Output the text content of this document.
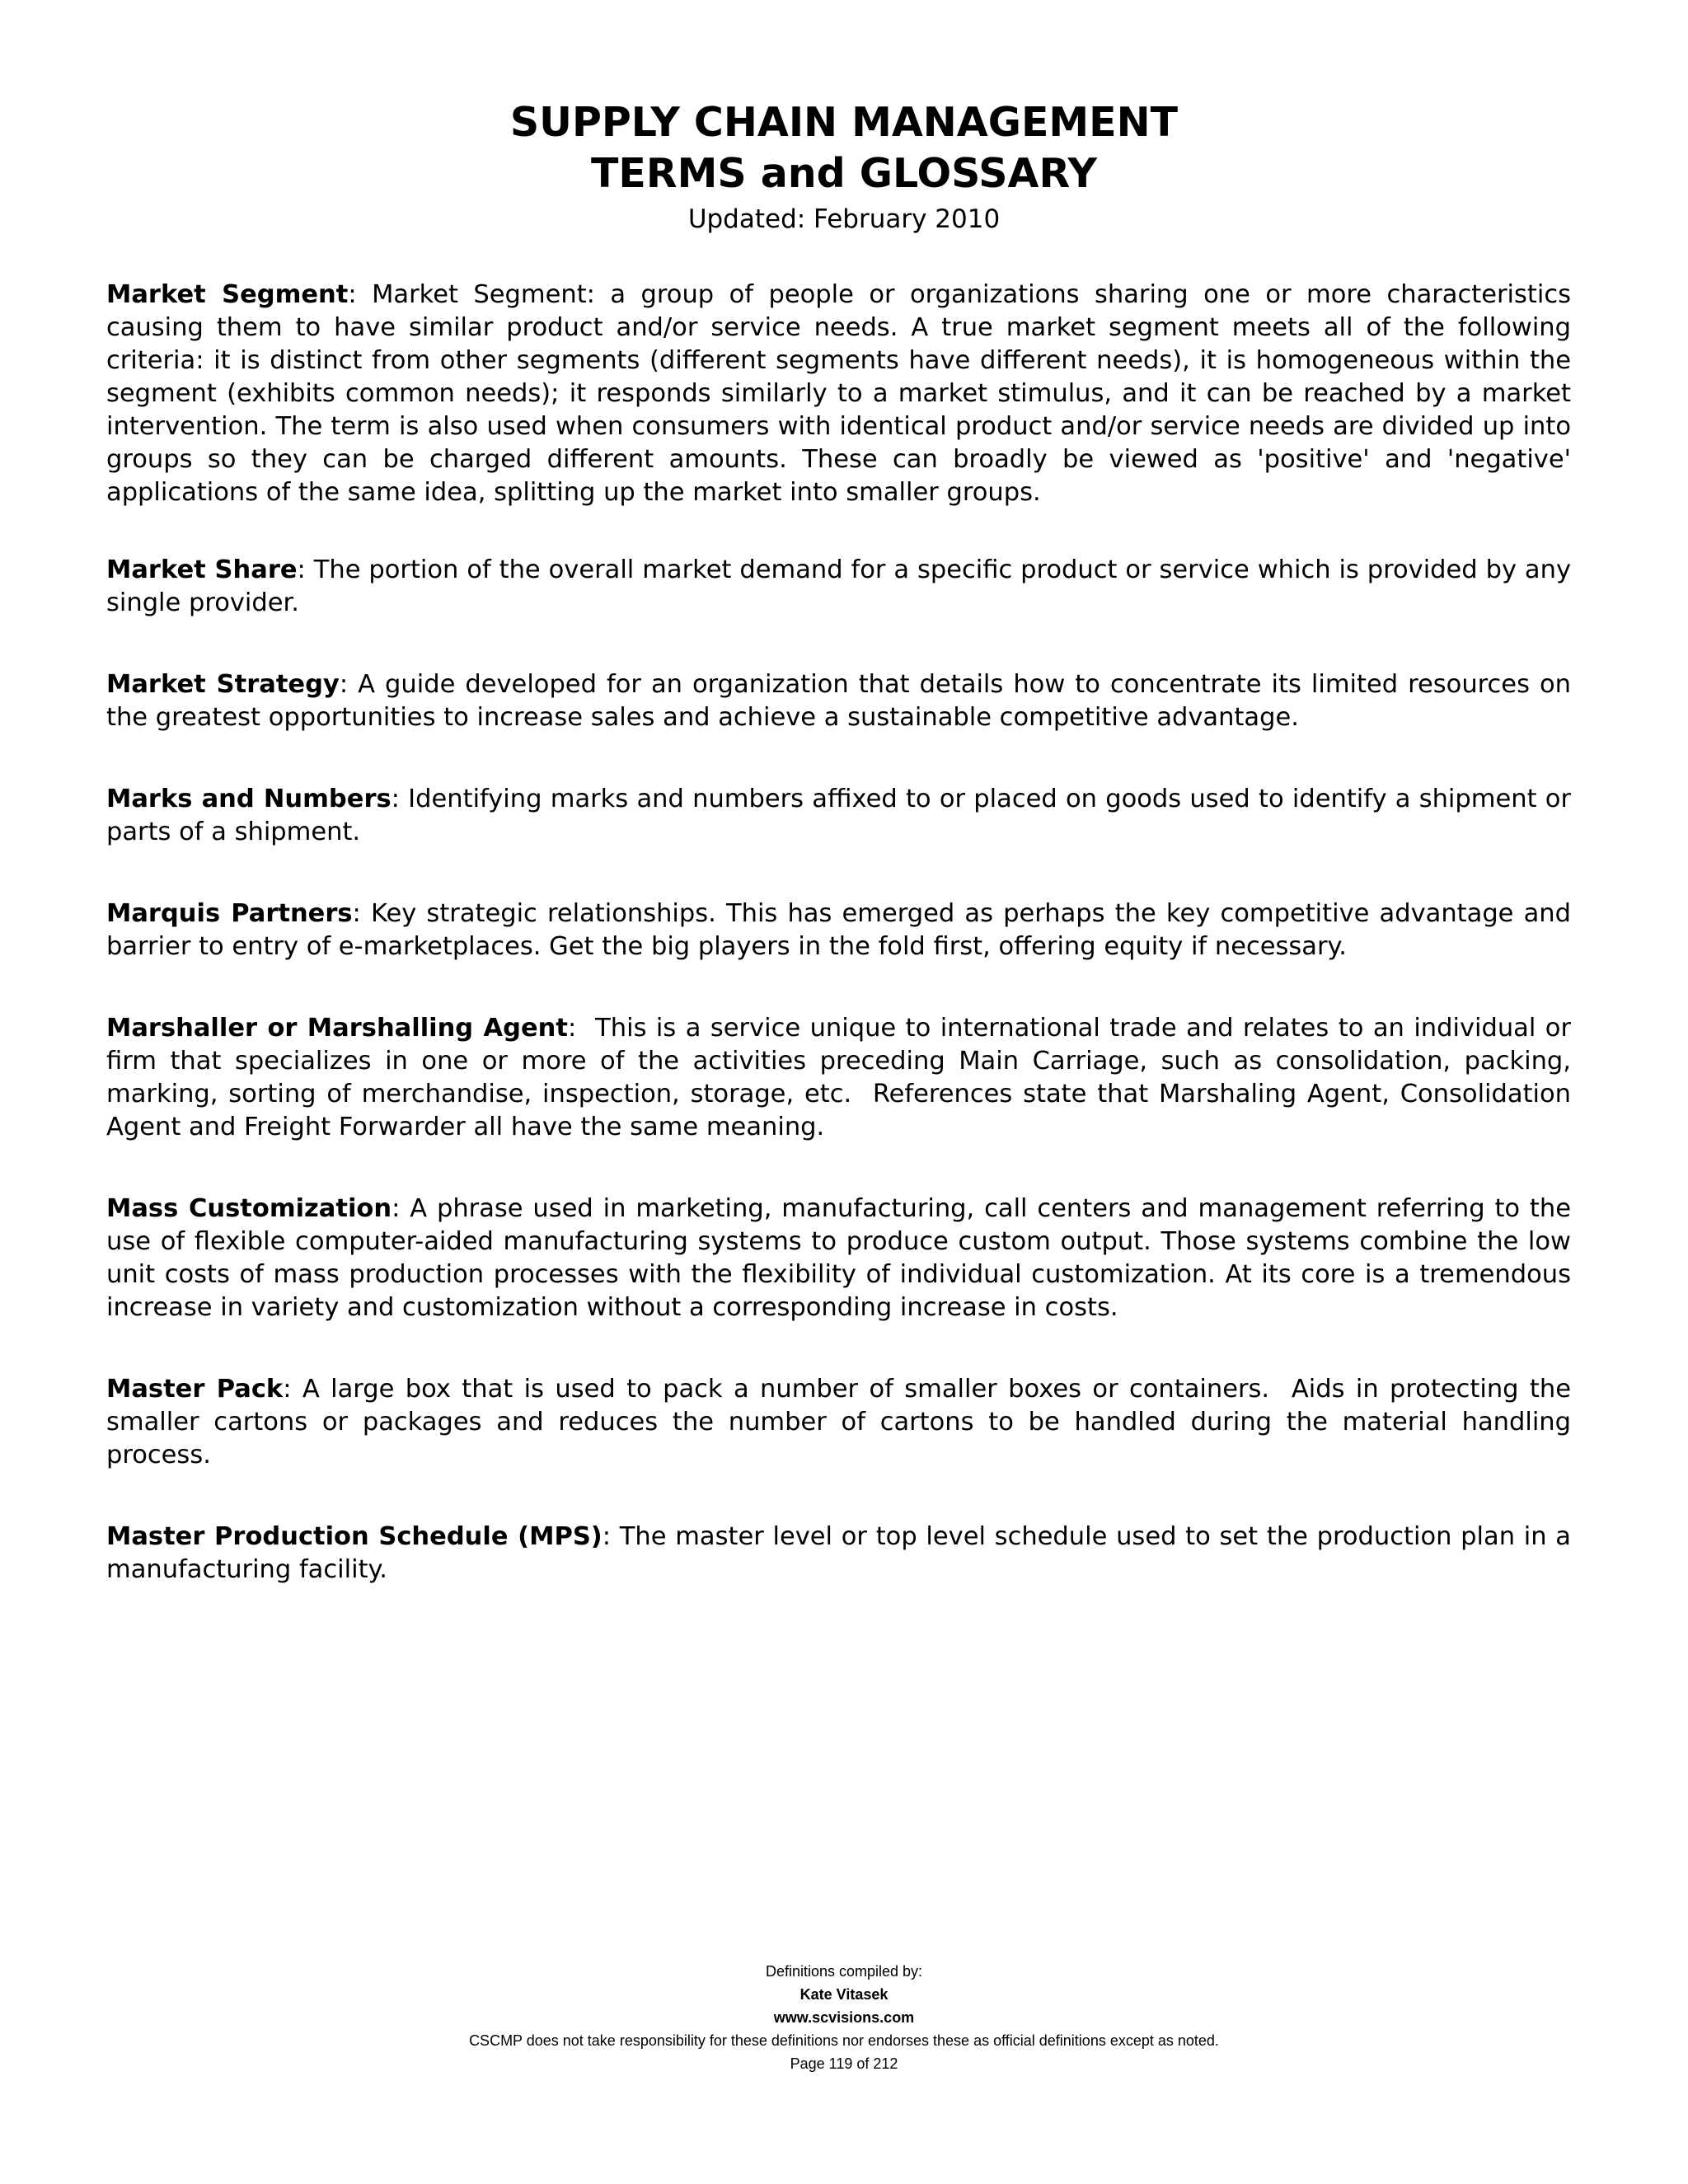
SUPPLY CHAIN MANAGEMENT
TERMS and GLOSSARY
Updated: February 2010

Market Segment: Market Segment: a group of people or organizations sharing one or more characteristics causing them to have similar product and/or service needs. A true market segment meets all of the following criteria: it is distinct from other segments (different segments have different needs), it is homogeneous within the segment (exhibits common needs); it responds similarly to a market stimulus, and it can be reached by a market intervention. The term is also used when consumers with identical product and/or service needs are divided up into groups so they can be charged different amounts. These can broadly be viewed as 'positive' and 'negative' applications of the same idea, splitting up the market into smaller groups.

Market Share: The portion of the overall market demand for a specific product or service which is provided by any single provider.

Market Strategy: A guide developed for an organization that details how to concentrate its limited resources on the greatest opportunities to increase sales and achieve a sustainable competitive advantage.

Marks and Numbers: Identifying marks and numbers affixed to or placed on goods used to identify a shipment or parts of a shipment.

Marquis Partners: Key strategic relationships. This has emerged as perhaps the key competitive advantage and barrier to entry of e-marketplaces. Get the big players in the fold first, offering equity if necessary.

Marshaller or Marshalling Agent:  This is a service unique to international trade and relates to an individual or firm that specializes in one or more of the activities preceding Main Carriage, such as consolidation, packing, marking, sorting of merchandise, inspection, storage, etc.  References state that Marshaling Agent, Consolidation Agent and Freight Forwarder all have the same meaning.

Mass Customization: A phrase used in marketing, manufacturing, call centers and management referring to the use of flexible computer-aided manufacturing systems to produce custom output. Those systems combine the low unit costs of mass production processes with the flexibility of individual customization. At its core is a tremendous increase in variety and customization without a corresponding increase in costs.

Master Pack: A large box that is used to pack a number of smaller boxes or containers.  Aids in protecting the smaller cartons or packages and reduces the number of cartons to be handled during the material handling process.

Master Production Schedule (MPS): The master level or top level schedule used to set the production plan in a manufacturing facility.

Definitions compiled by:
Kate Vitasek
www.scvisions.com
CSCMP does not take responsibility for these definitions nor endorses these as official definitions except as noted.
Page 119 of 212
